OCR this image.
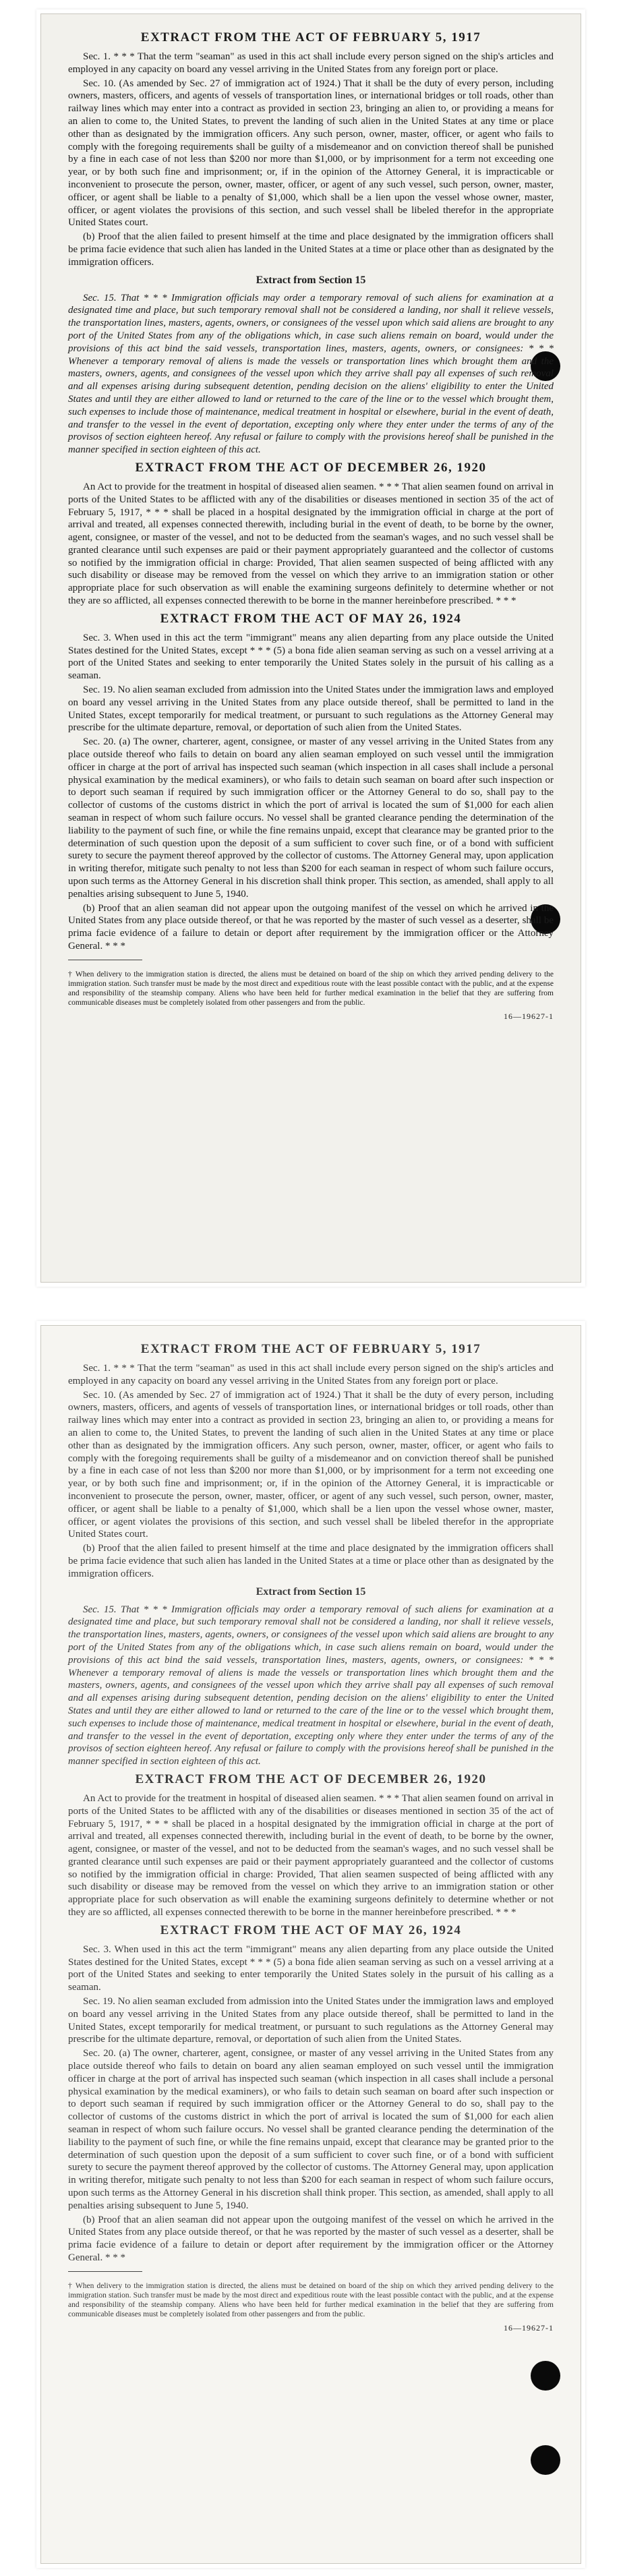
EXTRACT FROM THE ACT OF FEBRUARY 5, 1917

Sec. 1. * * * That the term "seaman" as used in this act shall include every person signed on the ship's articles and employed in any capacity on board any vessel arriving in the United States from any foreign port or place.

Sec. 10. (As amended by Sec. 27 of immigration act of 1924.) That it shall be the duty of every person, including owners, masters, officers, and agents of vessels of transportation lines, or international bridges or toll roads, other than railway lines which may enter into a contract as provided in section 23, bringing an alien to, or providing a means for an alien to come to, the United States, to prevent the landing of such alien in the United States at any time or place other than as designated by the immigration officers. Any such person, owner, master, officer, or agent who fails to comply with the foregoing requirements shall be guilty of a misdemeanor and on conviction thereof shall be punished by a fine in each case of not less than $200 nor more than $1,000, or by imprisonment for a term not exceeding one year, or by both such fine and imprisonment; or, if in the opinion of the Attorney General, it is impracticable or inconvenient to prosecute the person, owner, master, officer, or agent of any such vessel, such person, owner, master, officer, or agent shall be liable to a penalty of $1,000, which shall be a lien upon the vessel whose owner, master, officer, or agent violates the provisions of this section, and such vessel shall be libeled therefor in the appropriate United States court.

(b) Proof that the alien failed to present himself at the time and place designated by the immigration officers shall be prima facie evidence that such alien has landed in the United States at a time or place other than as designated by the immigration officers.

Extract from Section 15

Sec. 15. That * * * Immigration officials may order a temporary removal of such aliens for examination at a designated time and place, but such temporary removal shall not be considered a landing, nor shall it relieve vessels, the transportation lines, masters, agents, owners, or consignees of the vessel upon which said aliens are brought to any port of the United States from any of the obligations which, in case such aliens remain on board, would under the provisions of this act bind the said vessels, transportation lines, masters, agents, owners, or consignees: * * * Whenever a temporary removal of aliens is made the vessels or transportation lines which brought them and the masters, owners, agents, and consignees of the vessel upon which they arrive shall pay all expenses of such removal and all expenses arising during subsequent detention, pending decision on the aliens' eligibility to enter the United States and until they are either allowed to land or returned to the care of the line or to the vessel which brought them, such expenses to include those of maintenance, medical treatment in hospital or elsewhere, burial in the event of death, and transfer to the vessel in the event of deportation, excepting only where they enter under the terms of any of the provisos of section eighteen hereof. Any refusal or failure to comply with the provisions hereof shall be punished in the manner specified in section eighteen of this act.

EXTRACT FROM THE ACT OF DECEMBER 26, 1920

An Act to provide for the treatment in hospital of diseased alien seamen. * * * That alien seamen found on arrival in ports of the United States to be afflicted with any of the disabilities or diseases mentioned in section 35 of the act of February 5, 1917, * * * shall be placed in a hospital designated by the immigration official in charge at the port of arrival and treated, all expenses connected therewith, including burial in the event of death, to be borne by the owner, agent, consignee, or master of the vessel, and not to be deducted from the seaman's wages, and no such vessel shall be granted clearance until such expenses are paid or their payment appropriately guaranteed and the collector of customs so notified by the immigration official in charge: Provided, That alien seamen suspected of being afflicted with any such disability or disease may be removed from the vessel on which they arrive to an immigration station or other appropriate place for such observation as will enable the examining surgeons definitely to determine whether or not they are so afflicted, all expenses connected therewith to be borne in the manner hereinbefore prescribed. * * *

EXTRACT FROM THE ACT OF MAY 26, 1924

Sec. 3. When used in this act the term "immigrant" means any alien departing from any place outside the United States destined for the United States, except * * * (5) a bona fide alien seaman serving as such on a vessel arriving at a port of the United States and seeking to enter temporarily the United States solely in the pursuit of his calling as a seaman.

Sec. 19. No alien seaman excluded from admission into the United States under the immigration laws and employed on board any vessel arriving in the United States from any place outside thereof, shall be permitted to land in the United States, except temporarily for medical treatment, or pursuant to such regulations as the Attorney General may prescribe for the ultimate departure, removal, or deportation of such alien from the United States.

Sec. 20. (a) The owner, charterer, agent, consignee, or master of any vessel arriving in the United States from any place outside thereof who fails to detain on board any alien seaman employed on such vessel until the immigration officer in charge at the port of arrival has inspected such seaman (which inspection in all cases shall include a personal physical examination by the medical examiners), or who fails to detain such seaman on board after such inspection or to deport such seaman if required by such immigration officer or the Attorney General to do so, shall pay to the collector of customs of the customs district in which the port of arrival is located the sum of $1,000 for each alien seaman in respect of whom such failure occurs. No vessel shall be granted clearance pending the determination of the liability to the payment of such fine, or while the fine remains unpaid, except that clearance may be granted prior to the determination of such question upon the deposit of a sum sufficient to cover such fine, or of a bond with sufficient surety to secure the payment thereof approved by the collector of customs. The Attorney General may, upon application in writing therefor, mitigate such penalty to not less than $200 for each seaman in respect of whom such failure occurs, upon such terms as the Attorney General in his discretion shall think proper. This section, as amended, shall apply to all penalties arising subsequent to June 5, 1940.

(b) Proof that an alien seaman did not appear upon the outgoing manifest of the vessel on which he arrived in the United States from any place outside thereof, or that he was reported by the master of such vessel as a deserter, shall be prima facie evidence of a failure to detain or deport after requirement by the immigration officer or the Attorney General. * * *

† When delivery to the immigration station is directed, the aliens must be detained on board of the ship on which they arrived pending delivery to the immigration station. Such transfer must be made by the most direct and expeditious route with the least possible contact with the public, and at the expense and responsibility of the steamship company. Aliens who have been held for further medical examination in the belief that they are suffering from communicable diseases must be completely isolated from other passengers and from the public.
16—19627-1
EXTRACT FROM THE ACT OF FEBRUARY 5, 1917

Sec. 1. * * * That the term "seaman" as used in this act shall include every person signed on the ship's articles and employed in any capacity on board any vessel arriving in the United States from any foreign port or place.

Sec. 10. (As amended by Sec. 27 of immigration act of 1924.) That it shall be the duty of every person, including owners, masters, officers, and agents of vessels of transportation lines, or international bridges or toll roads, other than railway lines which may enter into a contract as provided in section 23, bringing an alien to, or providing a means for an alien to come to, the United States, to prevent the landing of such alien in the United States at any time or place other than as designated by the immigration officers. Any such person, owner, master, officer, or agent who fails to comply with the foregoing requirements shall be guilty of a misdemeanor and on conviction thereof shall be punished by a fine in each case of not less than $200 nor more than $1,000, or by imprisonment for a term not exceeding one year, or by both such fine and imprisonment; or, if in the opinion of the Attorney General, it is impracticable or inconvenient to prosecute the person, owner, master, officer, or agent of any such vessel, such person, owner, master, officer, or agent shall be liable to a penalty of $1,000, which shall be a lien upon the vessel whose owner, master, officer, or agent violates the provisions of this section, and such vessel shall be libeled therefor in the appropriate United States court.

(b) Proof that the alien failed to present himself at the time and place designated by the immigration officers shall be prima facie evidence that such alien has landed in the United States at a time or place other than as designated by the immigration officers.

Extract from Section 15

Sec. 15. That * * * Immigration officials may order a temporary removal of such aliens for examination at a designated time and place, but such temporary removal shall not be considered a landing, nor shall it relieve vessels, the transportation lines, masters, agents, owners, or consignees of the vessel upon which said aliens are brought to any port of the United States from any of the obligations which, in case such aliens remain on board, would under the provisions of this act bind the said vessels, transportation lines, masters, agents, owners, or consignees: * * * Whenever a temporary removal of aliens is made the vessels or transportation lines which brought them and the masters, owners, agents, and consignees of the vessel upon which they arrive shall pay all expenses of such removal and all expenses arising during subsequent detention, pending decision on the aliens' eligibility to enter the United States and until they are either allowed to land or returned to the care of the line or to the vessel which brought them, such expenses to include those of maintenance, medical treatment in hospital or elsewhere, burial in the event of death, and transfer to the vessel in the event of deportation, excepting only where they enter under the terms of any of the provisos of section eighteen hereof. Any refusal or failure to comply with the provisions hereof shall be punished in the manner specified in section eighteen of this act.

EXTRACT FROM THE ACT OF DECEMBER 26, 1920

An Act to provide for the treatment in hospital of diseased alien seamen. * * * That alien seamen found on arrival in ports of the United States to be afflicted with any of the disabilities or diseases mentioned in section 35 of the act of February 5, 1917, * * * shall be placed in a hospital designated by the immigration official in charge at the port of arrival and treated, all expenses connected therewith, including burial in the event of death, to be borne by the owner, agent, consignee, or master of the vessel, and not to be deducted from the seaman's wages, and no such vessel shall be granted clearance until such expenses are paid or their payment appropriately guaranteed and the collector of customs so notified by the immigration official in charge: Provided, That alien seamen suspected of being afflicted with any such disability or disease may be removed from the vessel on which they arrive to an immigration station or other appropriate place for such observation as will enable the examining surgeons definitely to determine whether or not they are so afflicted, all expenses connected therewith to be borne in the manner hereinbefore prescribed. * * *

EXTRACT FROM THE ACT OF MAY 26, 1924

Sec. 3. When used in this act the term "immigrant" means any alien departing from any place outside the United States destined for the United States, except * * * (5) a bona fide alien seaman serving as such on a vessel arriving at a port of the United States and seeking to enter temporarily the United States solely in the pursuit of his calling as a seaman.

Sec. 19. No alien seaman excluded from admission into the United States under the immigration laws and employed on board any vessel arriving in the United States from any place outside thereof, shall be permitted to land in the United States, except temporarily for medical treatment, or pursuant to such regulations as the Attorney General may prescribe for the ultimate departure, removal, or deportation of such alien from the United States.

Sec. 20. (a) The owner, charterer, agent, consignee, or master of any vessel arriving in the United States from any place outside thereof who fails to detain on board any alien seaman employed on such vessel until the immigration officer in charge at the port of arrival has inspected such seaman (which inspection in all cases shall include a personal physical examination by the medical examiners), or who fails to detain such seaman on board after such inspection or to deport such seaman if required by such immigration officer or the Attorney General to do so, shall pay to the collector of customs of the customs district in which the port of arrival is located the sum of $1,000 for each alien seaman in respect of whom such failure occurs. No vessel shall be granted clearance pending the determination of the liability to the payment of such fine, or while the fine remains unpaid, except that clearance may be granted prior to the determination of such question upon the deposit of a sum sufficient to cover such fine, or of a bond with sufficient surety to secure the payment thereof approved by the collector of customs. The Attorney General may, upon application in writing therefor, mitigate such penalty to not less than $200 for each seaman in respect of whom such failure occurs, upon such terms as the Attorney General in his discretion shall think proper. This section, as amended, shall apply to all penalties arising subsequent to June 5, 1940.

(b) Proof that an alien seaman did not appear upon the outgoing manifest of the vessel on which he arrived in the United States from any place outside thereof, or that he was reported by the master of such vessel as a deserter, shall be prima facie evidence of a failure to detain or deport after requirement by the immigration officer or the Attorney General. * * *

† When delivery to the immigration station is directed, the aliens must be detained on board of the ship on which they arrived pending delivery to the immigration station. Such transfer must be made by the most direct and expeditious route with the least possible contact with the public, and at the expense and responsibility of the steamship company. Aliens who have been held for further medical examination in the belief that they are suffering from communicable diseases must be completely isolated from other passengers and from the public.
16—19627-1
